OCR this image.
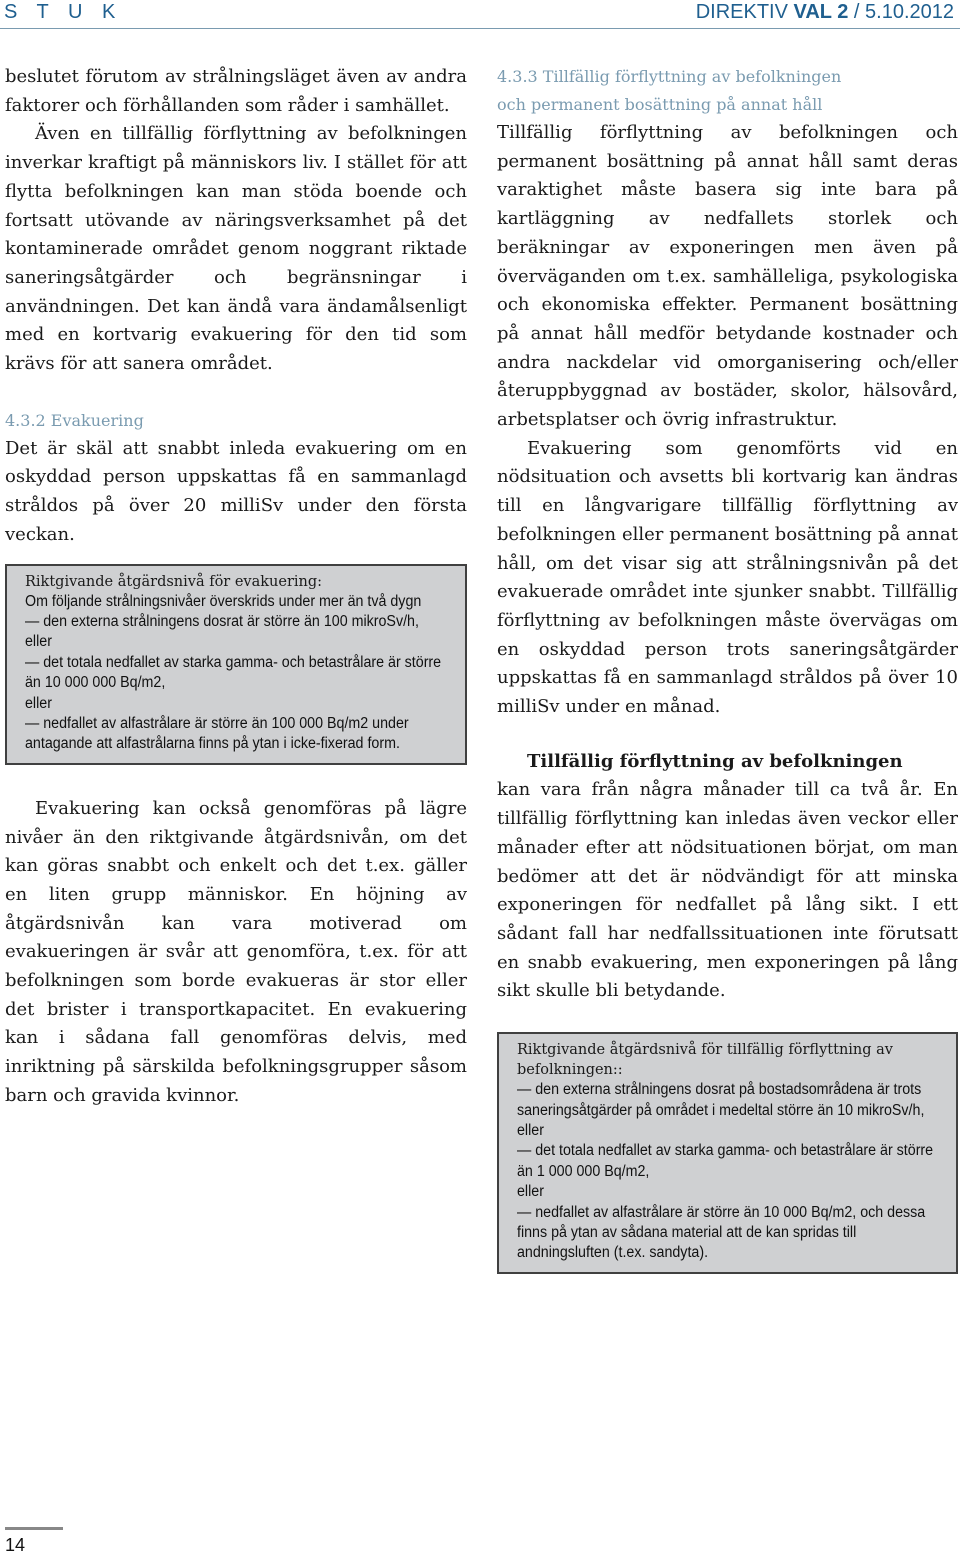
S T U K	DIREKTIV VAL 2 / 5.10.2012

beslutet förutom av strålningsläget även av andra faktorer och förhållanden som råder i samhället.

Även en tillfällig förflyttning av befolkningen inverkar kraftigt på människors liv. I stället för att flytta befolkningen kan man stöda boende och fortsatt utövande av näringsverksamhet på det kontaminerade området genom noggrant riktade saneringsåtgärder och begränsningar i användningen. Det kan ändå vara ändamålsenligt med en kortvarig evakuering för den tid som krävs för att sanera området.

4.3.2 Evakuering

Det är skäl att snabbt inleda evakuering om en oskyddad person uppskattas få en sammanlagd stråldos på över 20 milliSv under den första veckan.

Riktgivande åtgärdsnivå för evakuering:
Om följande strålningsnivåer överskrids under mer än två dygn
— den externa strålningens dosrat är större än 100 mikroSv/h,
eller
— det totala nedfallet av starka gamma- och betastrålare är större än 10 000 000 Bq/m2,
eller
— nedfallet av alfastrålare är större än 100 000 Bq/m2 under antagande att alfastrålarna finns på ytan i icke-fixerad form.

Evakuering kan också genomföras på lägre nivåer än den riktgivande åtgärdsnivån, om det kan göras snabbt och enkelt och det t.ex. gäller en liten grupp människor. En höjning av åtgärdsnivån kan vara motiverad om evakueringen är svår att genomföra, t.ex. för att befolkningen som borde evakueras är stor eller det brister i transportkapacitet. En evakuering kan i sådana fall genomföras delvis, med inriktning på särskilda befolkningsgrupper såsom barn och gravida kvinnor.

4.3.3 Tillfällig förflyttning av befolkningen

och permanent bosättning på annat håll

Tillfällig förflyttning av befolkningen och permanent bosättning på annat håll samt deras varaktighet måste basera sig inte bara på kartläggning av nedfallets storlek och beräkningar av exponeringen men även på överväganden om t.ex. samhälleliga, psykologiska och ekonomiska effekter. Permanent bosättning på annat håll medför betydande kostnader och andra nackdelar vid omorganisering och/eller återuppbyggnad av bostäder, skolor, hälsovård, arbetsplatser och övrig infrastruktur.

Evakuering som genomförts vid en nödsituation och avsetts bli kortvarig kan ändras till en långvarigare tillfällig förflyttning av befolkningen eller permanent bosättning på annat håll, om det visar sig att strålningsnivån på det evakuerade området inte sjunker snabbt. Tillfällig förflyttning av befolkningen måste övervägas om en oskyddad person trots saneringsåtgärder uppskattas få en sammanlagd stråldos på över 10 milliSv under en månad.

Tillfällig förflyttning av befolkningen

kan vara från några månader till ca två år. En tillfällig förflyttning kan inledas även veckor eller månader efter att nödsituationen börjat, om man bedömer att det är nödvändigt för att minska exponeringen för nedfallet på lång sikt. I ett sådant fall har nedfallssituationen inte förutsatt en snabb evakuering, men exponeringen på lång sikt skulle bli betydande.

Riktgivande åtgärdsnivå för tillfällig förflyttning av befolkningen::
— den externa strålningens dosrat på bostadsområdena är trots saneringsåtgärder på området i medeltal större än 10 mikroSv/h,
eller
— det totala nedfallet av starka gamma- och betastrålare är större än 1 000 000 Bq/m2,
eller
— nedfallet av alfastrålare är större än 10 000 Bq/m2, och dessa finns på ytan av sådana material att de kan spridas till andningsluften (t.ex. sandyta).
14
